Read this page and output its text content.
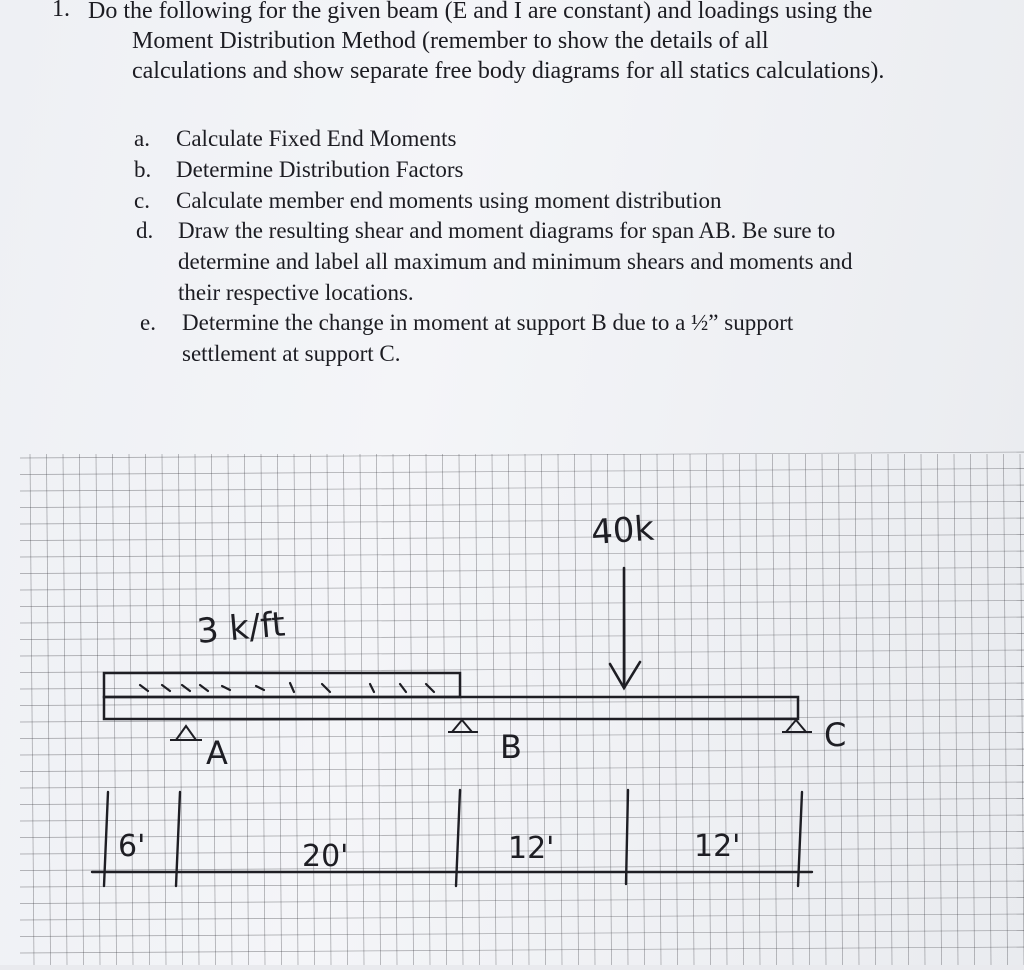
1. Do the following for the given beam (E and I are constant) and loadings using the
Moment Distribution Method (remember to show the details of all
calculations and show separate free body diagrams for all statics calculations).
a. Calculate Fixed End Moments
b. Determine Distribution Factors
c. Calculate member end moments using moment distribution
d. Draw the resulting shear and moment diagrams for span AB. Be sure to
determine and label all maximum and minimum shears and moments and
their respective locations.
e. Determine the change in moment at support B due to a ½” support
settlement at support C.
3 k/ft
40k
A	B	C
6'	20'	12'	12'
